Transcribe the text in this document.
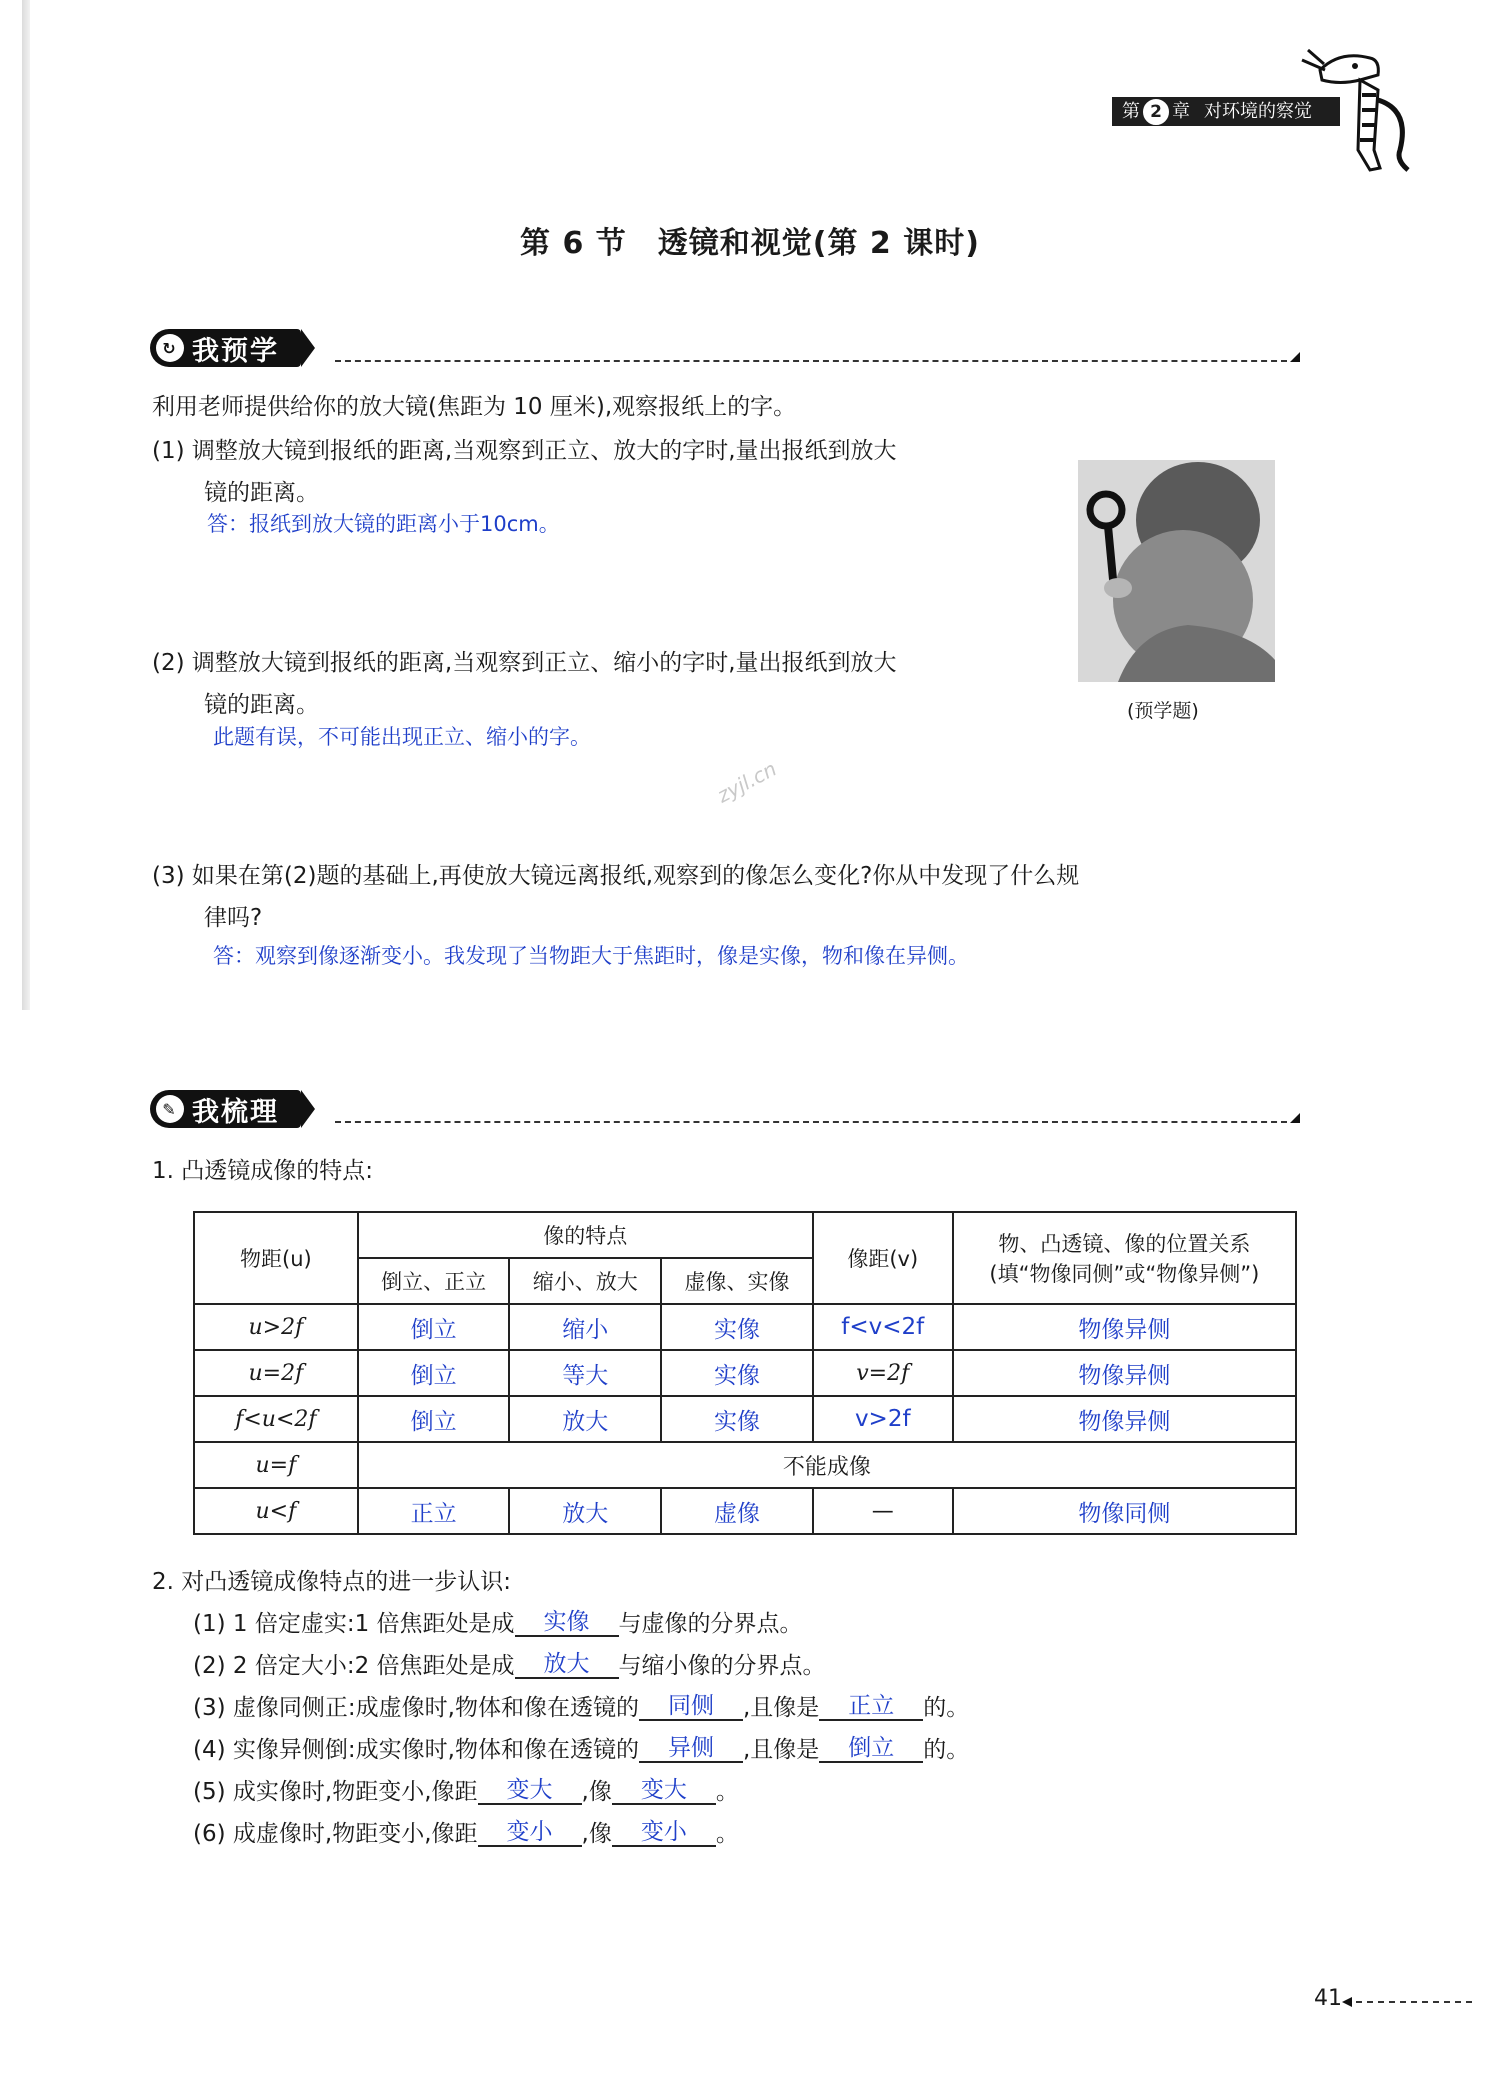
第 2 章 对环境的察觉
第 6 节　透镜和视觉(第 2 课时)
↻ 我预学
利用老师提供给你的放大镜(焦距为 10 厘米),观察报纸上的字。
(1) 调整放大镜到报纸的距离,当观察到正立、放大的字时,量出报纸到放大
镜的距离。
答：报纸到放大镜的距离小于10cm。
(2) 调整放大镜到报纸的距离,当观察到正立、缩小的字时,量出报纸到放大
镜的距离。	(预学题)
此题有误，不可能出现正立、缩小的字。
zyjl.cn
(3) 如果在第(2)题的基础上,再使放大镜远离报纸,观察到的像怎么变化?你从中发现了什么规
律吗?
答：观察到像逐渐变小。我发现了当物距大于焦距时，像是实像，物和像在异侧。
✎ 我梳理
1. 凸透镜成像的特点:
物距(u)	像的特点			像距(v)	物、凸透镜、像的位置关系
(填“物像同侧”或“物像异侧”)

	倒立、正立	缩小、放大	虚像、实像		
u>2f	倒立	缩小	实像	f<v<2f	物像异侧
u=2f	倒立	等大	实像	v=2f	物像异侧
f<u<2f	倒立	放大	实像	v>2f	物像异侧
u=f	不能成像				
u<f	正立	放大	虚像	—	物像同侧
2. 对凸透镜成像特点的进一步认识:
(1) 1 倍定虚实:1 倍焦距处是成 实像 与虚像的分界点。
(2) 2 倍定大小:2 倍焦距处是成 放大 与缩小像的分界点。
(3) 虚像同侧正:成虚像时,物体和像在透镜的 同侧 ,且像是 正立 的。
(4) 实像异侧倒:成实像时,物体和像在透镜的 异侧 ,且像是 倒立 的。
(5) 成实像时,物距变小,像距 变大 ,像 变大 。
(6) 成虚像时,物距变小,像距 变小 ,像 变小 。
41
